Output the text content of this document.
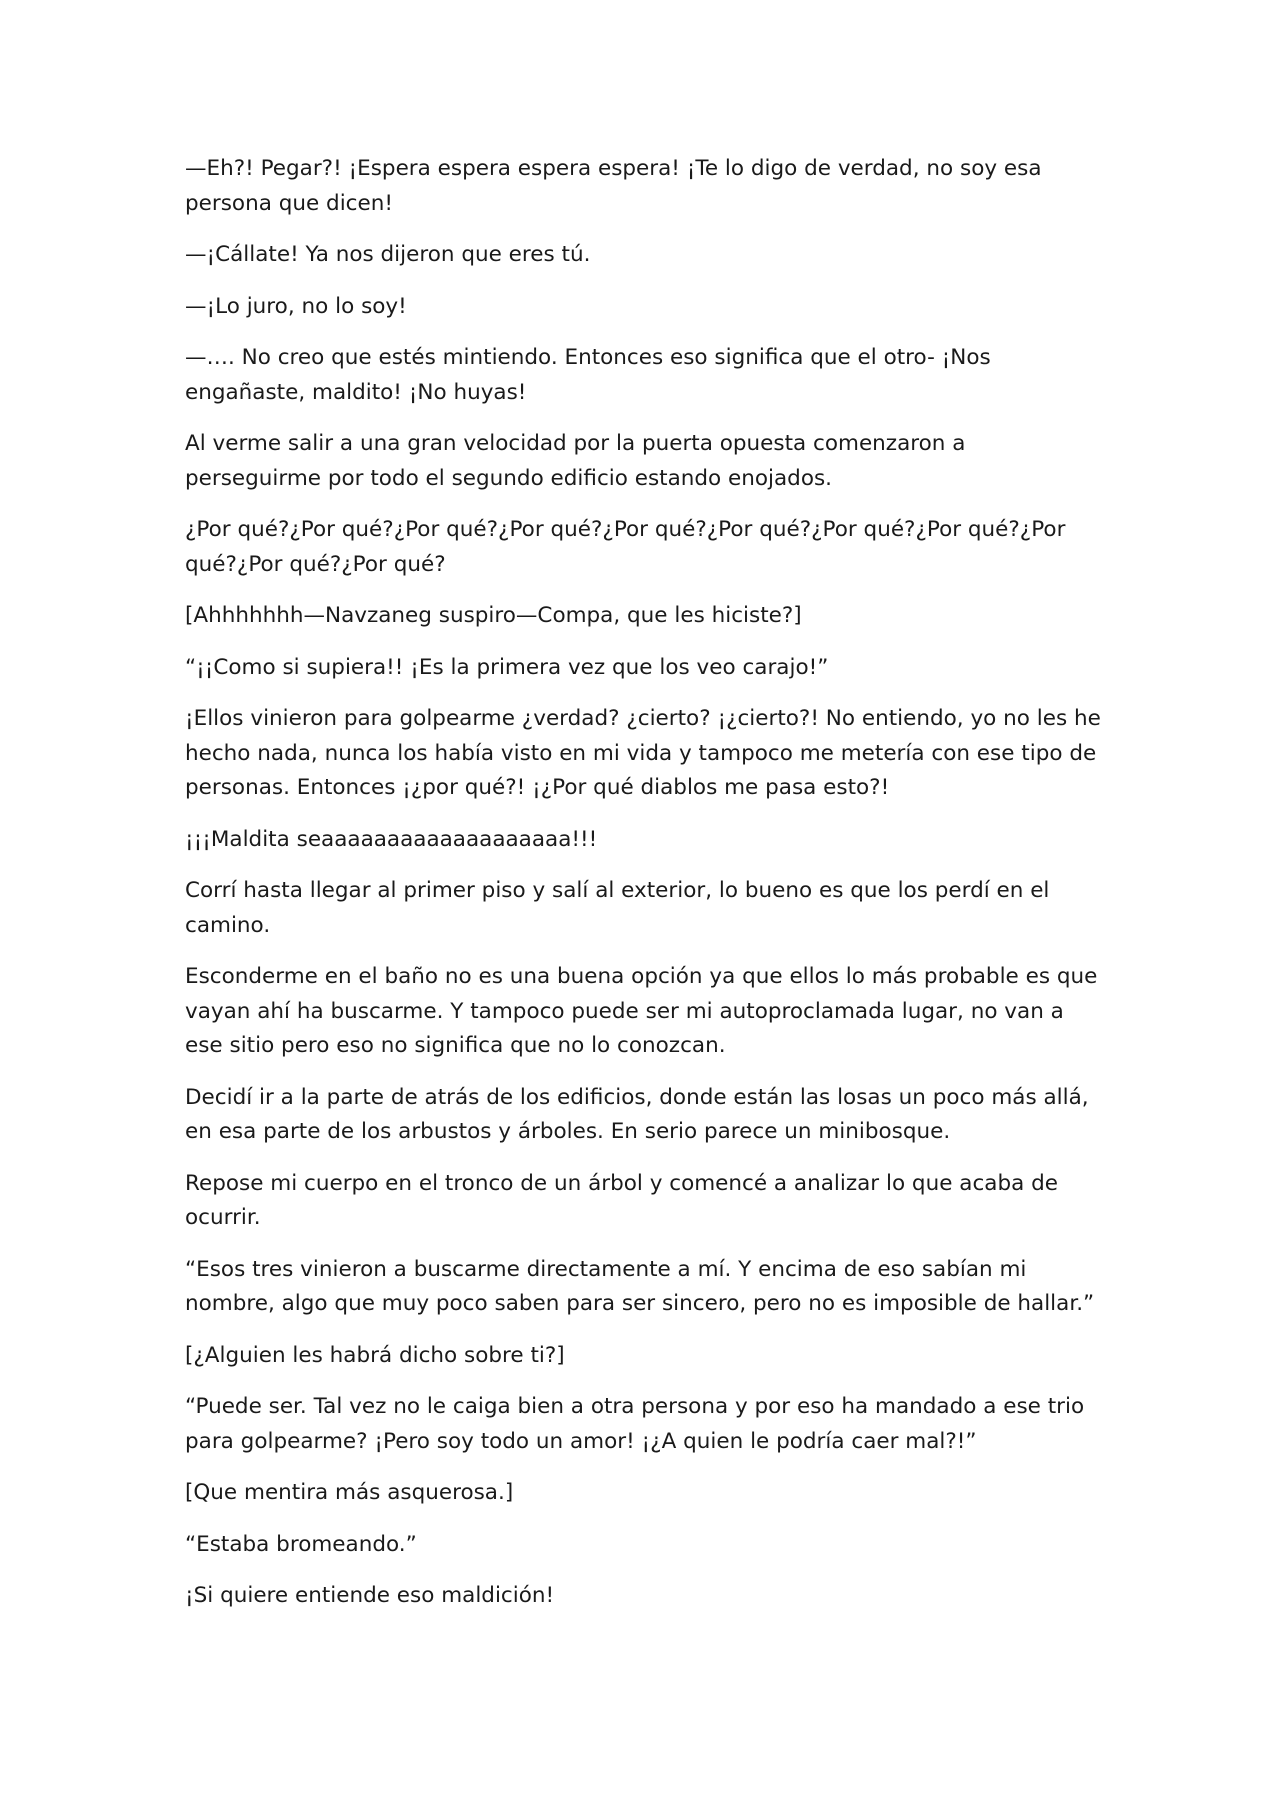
—Eh?! Pegar?! ¡Espera espera espera espera! ¡Te lo digo de verdad, no soy esa persona que dicen!

—¡Cállate! Ya nos dijeron que eres tú.

—¡Lo juro, no lo soy!

—…. No creo que estés mintiendo. Entonces eso significa que el otro- ¡Nos engañaste, maldito! ¡No huyas!

Al verme salir a una gran velocidad por la puerta opuesta comenzaron a perseguirme por todo el segundo edificio estando enojados.

¿Por qué?¿Por qué?¿Por qué?¿Por qué?¿Por qué?¿Por qué?¿Por qué?¿Por qué?¿Por qué?¿Por qué?¿Por qué?

[Ahhhhhhh—Navzaneg suspiro—Compa, que les hiciste?]

“¡¡Como si supiera!! ¡Es la primera vez que los veo carajo!”

¡Ellos vinieron para golpearme ¿verdad? ¿cierto? ¡¿cierto?! No entiendo, yo no les he hecho nada, nunca los había visto en mi vida y tampoco me metería con ese tipo de personas. Entonces ¡¿por qué?! ¡¿Por qué diablos me pasa esto?!

¡¡¡Maldita seaaaaaaaaaaaaaaaaaaa!!!

Corrí hasta llegar al primer piso y salí al exterior, lo bueno es que los perdí en el camino.

Esconderme en el baño no es una buena opción ya que ellos lo más probable es que vayan ahí ha buscarme. Y tampoco puede ser mi autoproclamada lugar, no van a ese sitio pero eso no significa que no lo conozcan.

Decidí ir a la parte de atrás de los edificios, donde están las losas un poco más allá, en esa parte de los arbustos y árboles. En serio parece un minibosque.

Repose mi cuerpo en el tronco de un árbol y comencé a analizar lo que acaba de ocurrir.

“Esos tres vinieron a buscarme directamente a mí. Y encima de eso sabían mi nombre, algo que muy poco saben para ser sincero, pero no es imposible de hallar.”

[¿Alguien les habrá dicho sobre ti?]

“Puede ser. Tal vez no le caiga bien a otra persona y por eso ha mandado a ese trio para golpearme? ¡Pero soy todo un amor! ¡¿A quien le podría caer mal?!”

[Que mentira más asquerosa.]

“Estaba bromeando.”

¡Si quiere entiende eso maldición!
